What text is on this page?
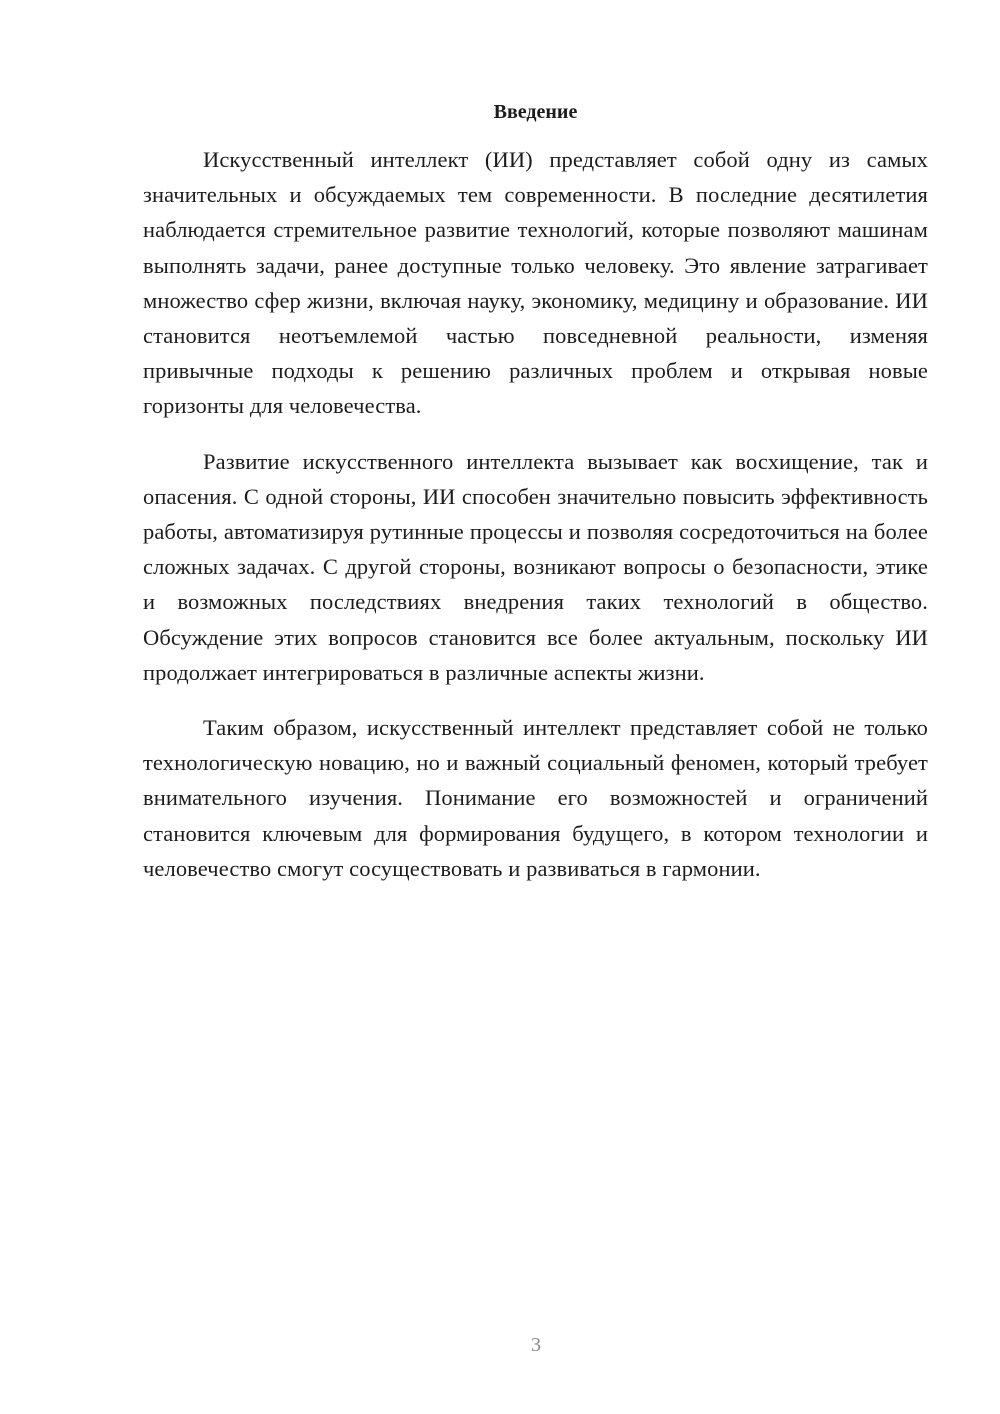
Введение

Искусственный интеллект (ИИ) представляет собой одну из самых значительных и обсуждаемых тем современности. В последние десятилетия наблюдается стремительное развитие технологий, которые позволяют машинам выполнять задачи, ранее доступные только человеку. Это явление затрагивает множество сфер жизни, включая науку, экономику, медицину и образование. ИИ становится неотъемлемой частью повседневной реальности, изменяя привычные подходы к решению различных проблем и открывая новые горизонты для человечества.

Развитие искусственного интеллекта вызывает как восхищение, так и опасения. С одной стороны, ИИ способен значительно повысить эффективность работы, автоматизируя рутинные процессы и позволяя сосредоточиться на более сложных задачах. С другой стороны, возникают вопросы о безопасности, этике и возможных последствиях внедрения таких технологий в общество. Обсуждение этих вопросов становится все более актуальным, поскольку ИИ продолжает интегрироваться в различные аспекты жизни.

Таким образом, искусственный интеллект представляет собой не только технологическую новацию, но и важный социальный феномен, который требует внимательного изучения. Понимание его возможностей и ограничений становится ключевым для формирования будущего, в котором технологии и человечество смогут сосуществовать и развиваться в гармонии.

3
